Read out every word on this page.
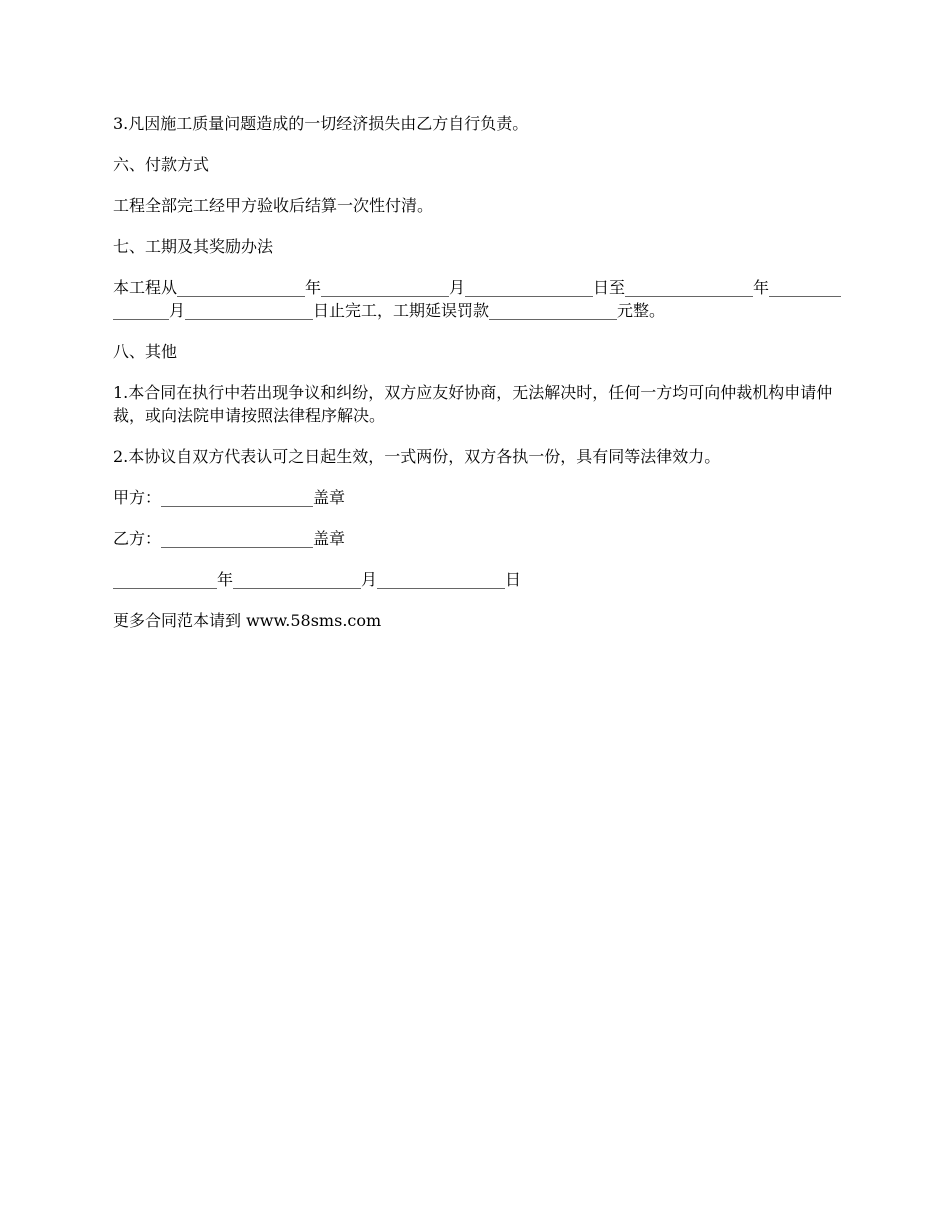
3.凡因施工质量问题造成的一切经济损失由乙方自行负责。

六、付款方式

工程全部完工经甲方验收后结算一次性付清。

七、工期及其奖励办法

本工程从________________年________________月________________日至________________年________________月________________日止完工，工期延误罚款________________元整。

八、其他

1.本合同在执行中若出现争议和纠纷，双方应友好协商，无法解决时，任何一方均可向仲裁机构申请仲裁，或向法院申请按照法律程序解决。

2.本协议自双方代表认可之日起生效，一式两份，双方各执一份，具有同等法律效力。

甲方：___________________盖章

乙方：___________________盖章

_____________年________________月________________日

更多合同范本请到 www.58sms.com
